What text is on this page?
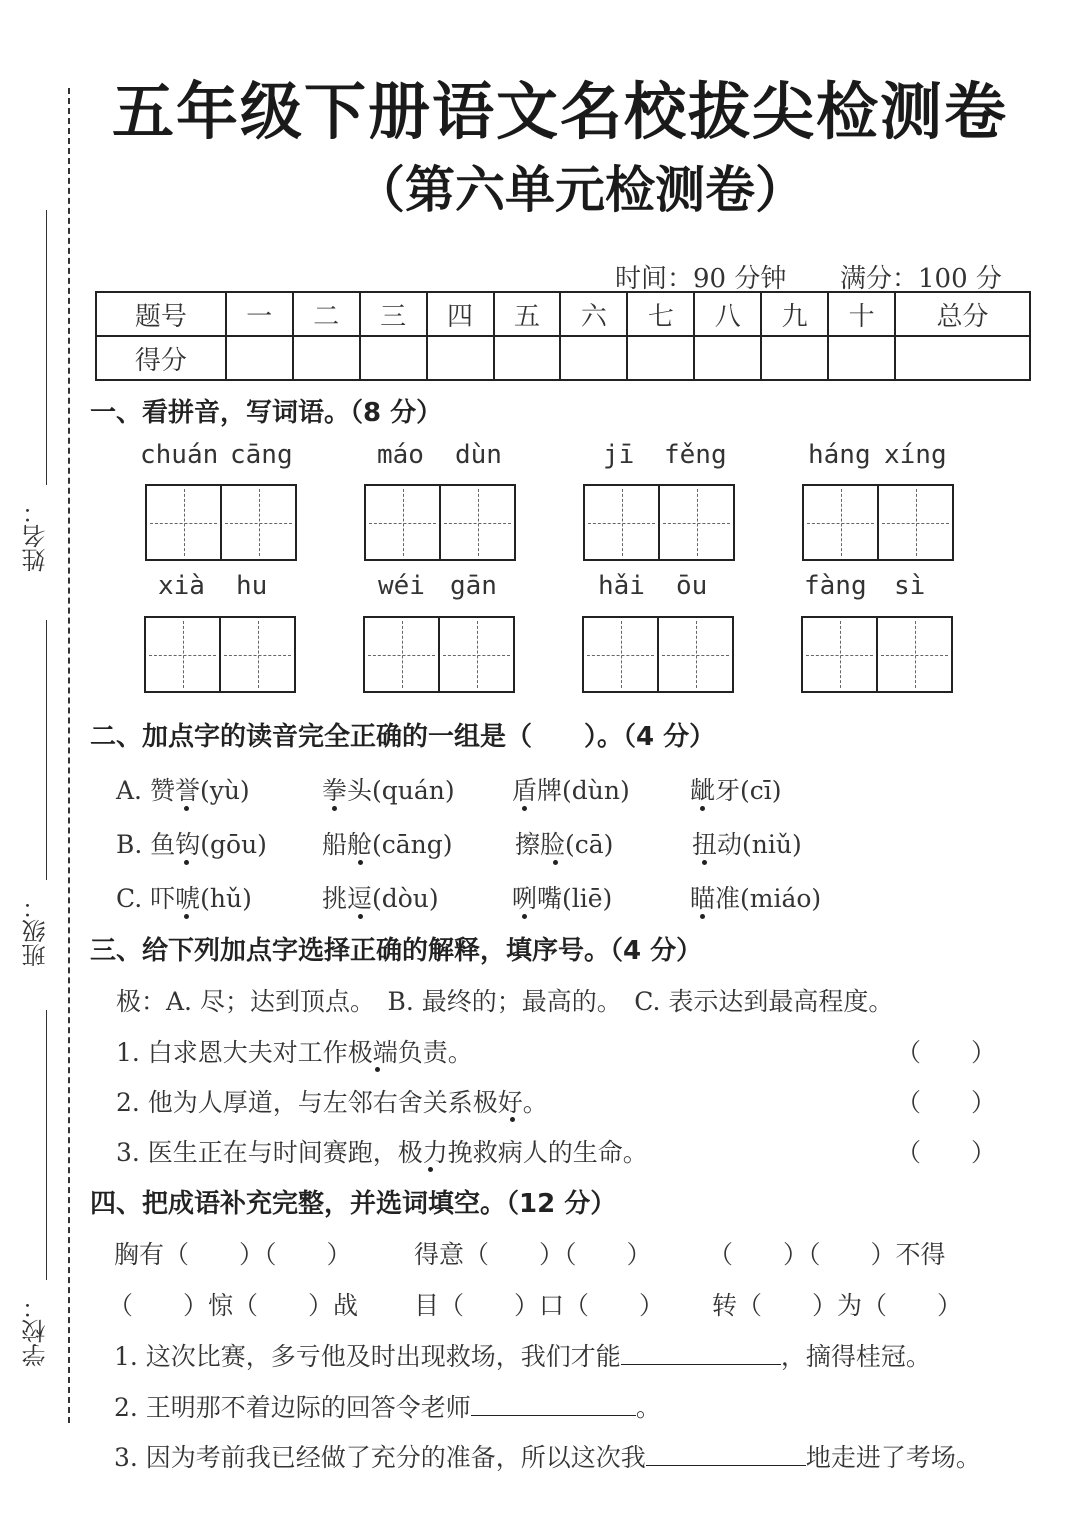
姓名：
班级：
学校：
五年级下册语文名校拔尖检测卷
（第六单元检测卷）
时间：90 分钟 满分：100 分
题号	一	二	三	四	五	六	七	八	九	十	总分
得分											
一、看拼音，写词语。（8 分）
chuán cāng	máo dùn	jī fěng	háng xíng
xià hu	wéi gān	hǎi ōu	fàng sì
二、加点字的读音完全正确的一组是（　　）。（4 分）
A. 赞誉(yù)	拳头(quán) 盾牌(dùn) 龇牙(cī)
B. 鱼钩(gōu) 船舱(cāng) 擦脸(cā)	扭动(niǔ)
C. 吓唬(hǔ)	挑逗(dòu)	咧嘴(liē)	瞄准(miáo)
三、给下列加点字选择正确的解释，填序号。（4 分）
极：A. 尽；达到顶点。　B. 最终的；最高的。　C. 表示达到最高程度。
1. 白求恩大夫对工作极端负责。	（　　）
2. 他为人厚道，与左邻右舍关系极好。	（　　）
3. 医生正在与时间赛跑，极力挽救病人的生命。	（　　）
四、把成语补充完整，并选词填空。（12 分）
胸有（　　）（　　） 得意（　　）（　　） （　　）（　　）不得
（　　）惊（　　）战 目（　　）口（　　） 转（　　）为（　　）
1. 这次比赛，多亏他及时出现救场，我们才能	，摘得桂冠。
2. 王明那不着边际的回答令老师	。
3. 因为考前我已经做了充分的准备，所以这次我	地走进了考场。
